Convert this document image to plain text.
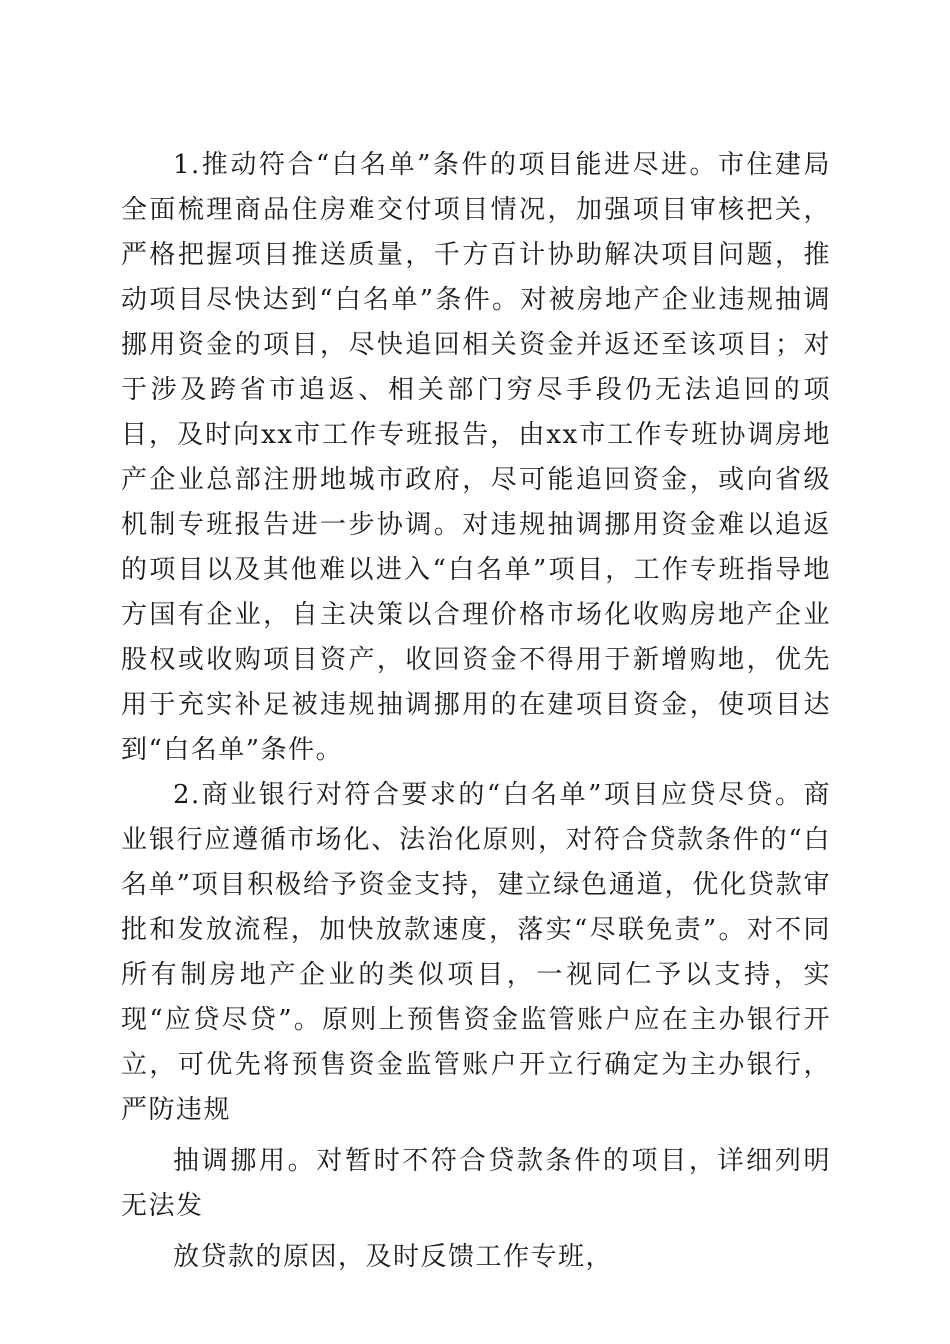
1.推动符合“白名单”条件的项目能进尽进。市住建局全面梳理商品住房难交付项目情况，加强项目审核把关，严格把握项目推送质量，千方百计协助解决项目问题，推动项目尽快达到“白名单”条件。对被房地产企业违规抽调挪用资金的项目，尽快追回相关资金并返还至该项目；对于涉及跨省市追返、相关部门穷尽手段仍无法追回的项目，及时向xx市工作专班报告，由xx市工作专班协调房地产企业总部注册地城市政府，尽可能追回资金，或向省级机制专班报告进一步协调。对违规抽调挪用资金难以追返的项目以及其他难以进入“白名单”项目，工作专班指导地方国有企业，自主决策以合理价格市场化收购房地产企业股权或收购项目资产，收回资金不得用于新增购地，优先用于充实补足被违规抽调挪用的在建项目资金，使项目达到“白名单”条件。

2.商业银行对符合要求的“白名单”项目应贷尽贷。商业银行应遵循市场化、法治化原则，对符合贷款条件的“白名单”项目积极给予资金支持，建立绿色通道，优化贷款审批和发放流程，加快放款速度，落实“尽联免责”。对不同所有制房地产企业的类似项目，一视同仁予以支持，实现“应贷尽贷”。原则上预售资金监管账户应在主办银行开立，可优先将预售资金监管账户开立行确定为主办银行，严防违规

抽调挪用。对暂时不符合贷款条件的项目，详细列明无法发

放贷款的原因，及时反馈工作专班，
